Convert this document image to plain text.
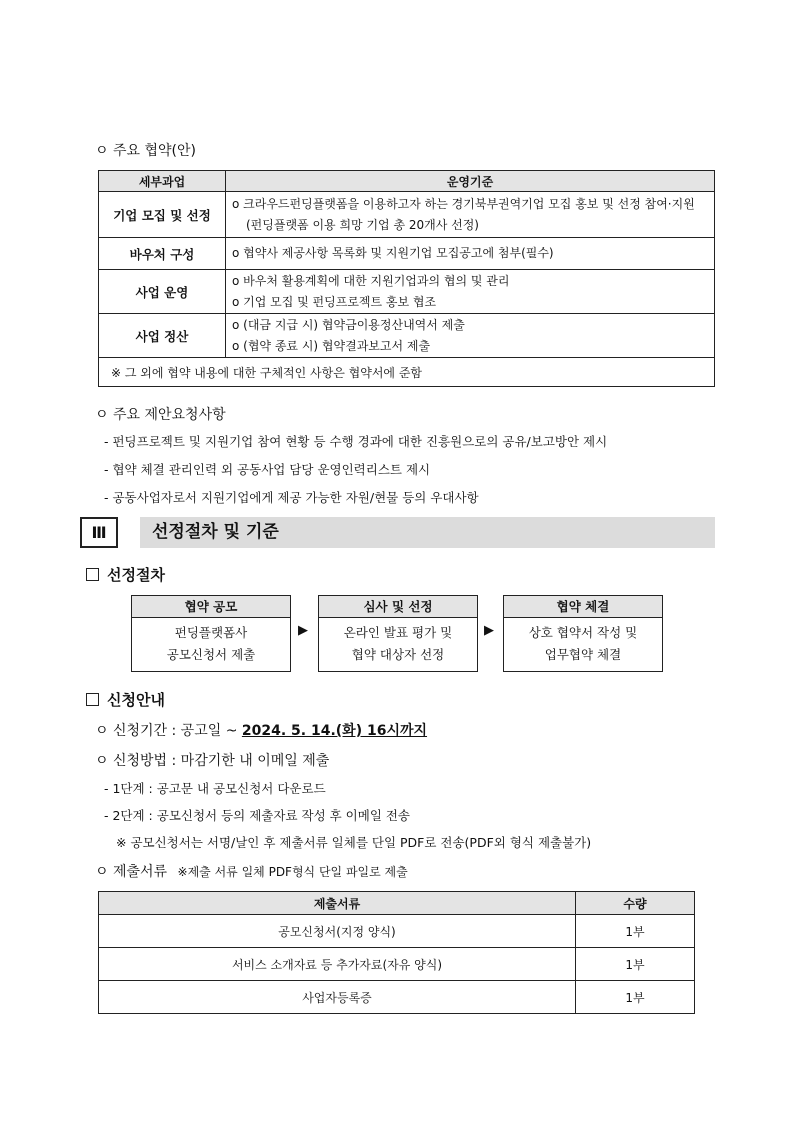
ㅇ 주요 협약(안)
세부과업	운영기준
기업 모집 및 선정	o 크라우드펀딩플랫폼을 이용하고자 하는 경기북부권역기업 모집 홍보 및 선정 참여·지원
(펀딩플랫폼 이용 희망 기업 총 20개사 선정)

바우처 구성	o 협약사 제공사항 목록화 및 지원기업 모집공고에 첨부(필수)

사업 운영	o 바우처 활용계획에 대한 지원기업과의 협의 및 관리
o 기업 모집 및 펀딩프로젝트 홍보 협조

사업 정산	o (대금 지급 시) 협약금이용정산내역서 제출
o (협약 종료 시) 협약결과보고서 제출

※ 그 외에 협약 내용에 대한 구체적인 사항은 협약서에 준함	
ㅇ 주요 제안요청사항
- 펀딩프로젝트 및 지원기업 참여 현황 등 수행 경과에 대한 진흥원으로의 공유/보고방안 제시
- 협약 체결 관리인력 외 공동사업 담당 운영인력리스트 제시
- 공동사업자로서 지원기업에게 제공 가능한 자원/현물 등의 우대사항
Ⅲ	선정절차 및 기준
선정절차
협약 공모
펀딩플랫폼사
공모신청서 제출
▶
심사 및 선정
온라인 발표 평가 및
협약 대상자 선정
▶
협약 체결
상호 협약서 작성 및
업무협약 체결
신청안내
ㅇ 신청기간 : 공고일 ~ 2024. 5. 14.(화) 16시까지
ㅇ 신청방법 : 마감기한 내 이메일 제출
- 1단계 : 공고문 내 공모신청서 다운로드
- 2단계 : 공모신청서 등의 제출자료 작성 후 이메일 전송
※ 공모신청서는 서명/날인 후 제출서류 일체를 단일 PDF로 전송(PDF외 형식 제출불가)
ㅇ 제출서류 ※제출 서류 일체 PDF형식 단일 파일로 제출
제출서류	수량
공모신청서(지정 양식)	1부
서비스 소개자료 등 추가자료(자유 양식)	1부
사업자등록증	1부
